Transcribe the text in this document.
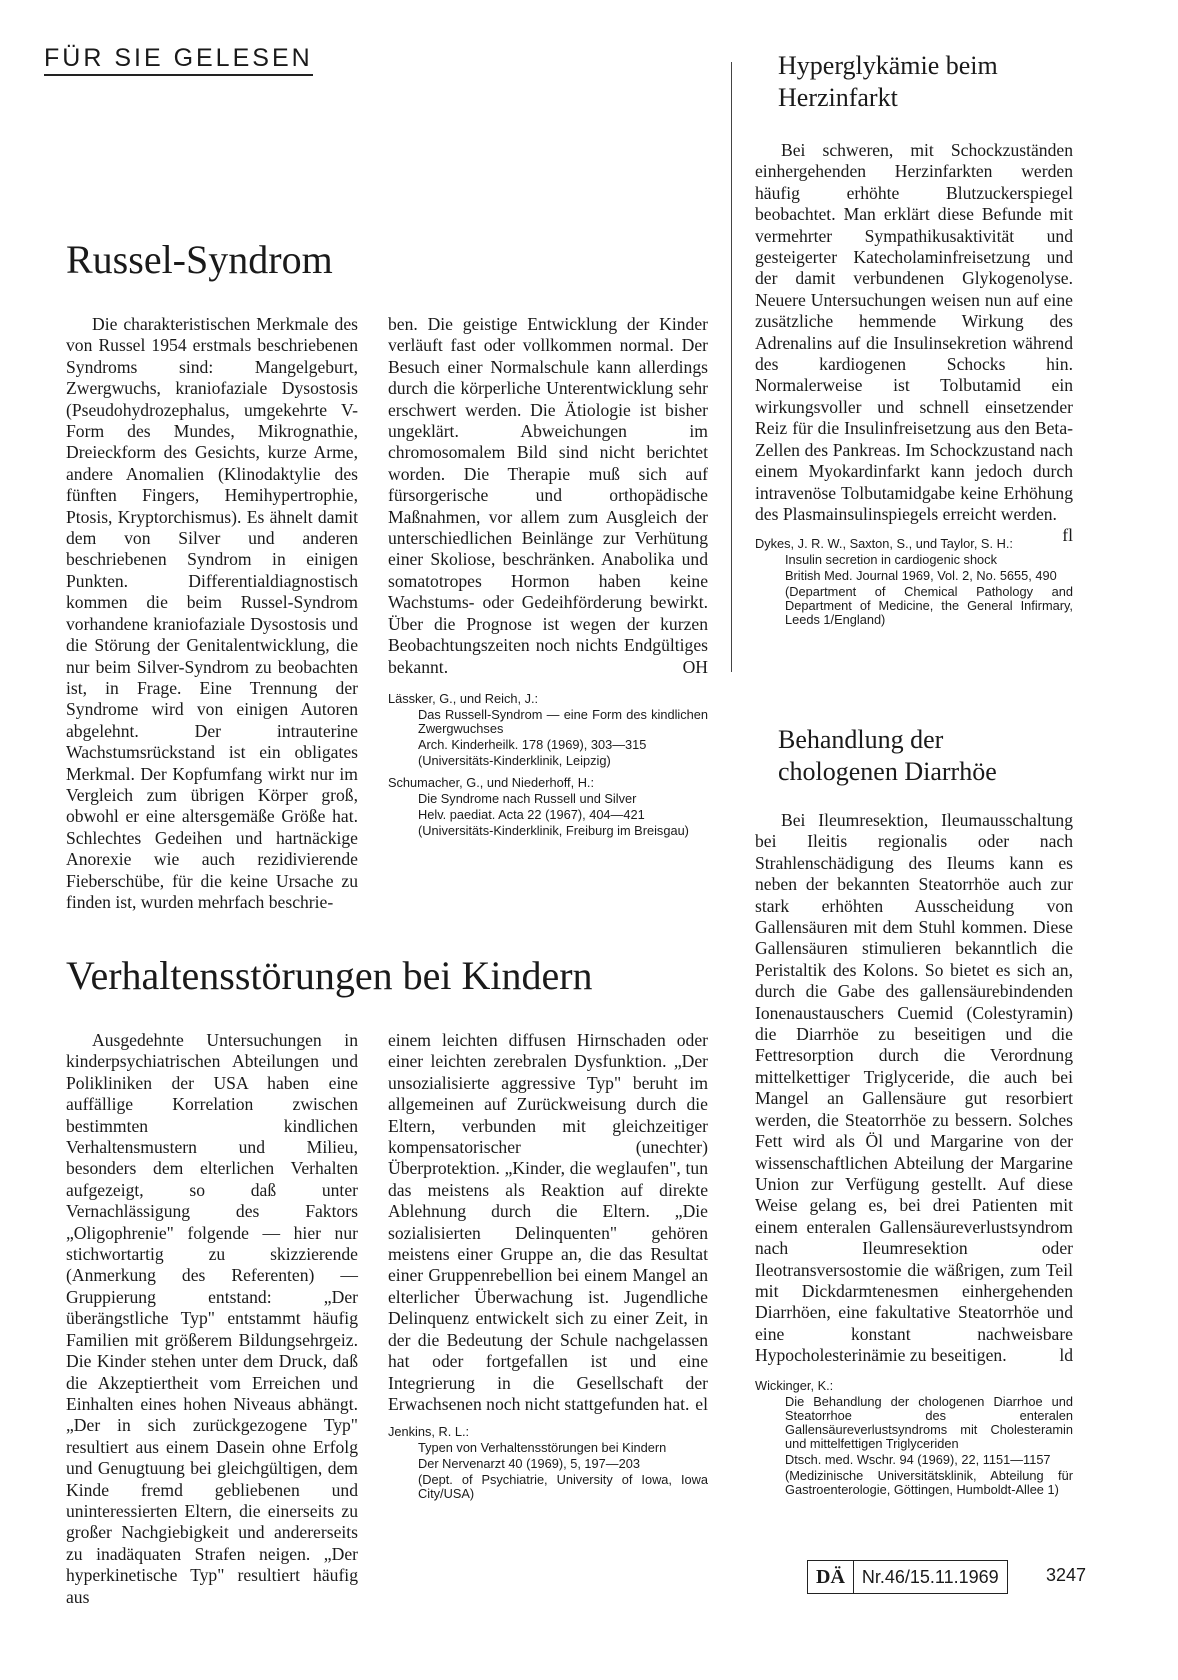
FÜR SIE GELESEN
Russel-Syndrom

Die charakteristischen Merkmale des von Russel 1954 erstmals beschriebenen Syndroms sind: Mangelgeburt, Zwergwuchs, kraniofaziale Dysostosis (Pseudohydrozephalus, umgekehrte V-Form des Mundes, Mikrognathie, Dreieckform des Gesichts, kurze Arme, andere Anomalien (Klinodaktylie des fünften Fingers, Hemihypertrophie, Ptosis, Kryptorchismus). Es ähnelt damit dem von Silver und anderen beschriebenen Syndrom in einigen Punkten. Differentialdiagnostisch kommen die beim Russel-Syndrom vorhandene kraniofaziale Dysostosis und die Störung der Genitalentwicklung, die nur beim Silver-Syndrom zu beobachten ist, in Frage. Eine Trennung der Syndrome wird von einigen Autoren abgelehnt. Der intrauterine Wachstumsrückstand ist ein obligates Merkmal. Der Kopfumfang wirkt nur im Vergleich zum übrigen Körper groß, obwohl er eine altersgemäße Größe hat. Schlechtes Gedeihen und hartnäckige Anorexie wie auch rezidivierende Fieberschübe, für die keine Ursache zu finden ist, wurden mehrfach beschrie-

ben. Die geistige Entwicklung der Kinder verläuft fast oder vollkommen normal. Der Besuch einer Normalschule kann allerdings durch die körperliche Unterentwicklung sehr erschwert werden. Die Ätiologie ist bisher ungeklärt. Abweichungen im chromosomalem Bild sind nicht berichtet worden. Die Therapie muß sich auf fürsorgerische und orthopädische Maßnahmen, vor allem zum Ausgleich der unterschiedlichen Beinlänge zur Verhütung einer Skoliose, beschränken. Anabolika und somatotropes Hormon haben keine Wachstums- oder Gedeihförderung bewirkt. Über die Prognose ist wegen der kurzen Beobachtungszeiten noch nichts Endgültiges bekannt.	OH

Lässker, G., und Reich, J.:
Das Russell-Syndrom — eine Form des kindlichen Zwergwuchses
Arch. Kinderheilk. 178 (1969), 303—315
(Universitäts-Kinderklinik, Leipzig)
Schumacher, G., und Niederhoff, H.:
Die Syndrome nach Russell und Silver
Helv. paediat. Acta 22 (1967), 404—421
(Universitäts-Kinderklinik, Freiburg im Breisgau)
Verhaltensstörungen bei Kindern

Ausgedehnte Untersuchungen in kinderpsychiatrischen Abteilungen und Polikliniken der USA haben eine auffällige Korrelation zwischen bestimmten kindlichen Verhaltensmustern und Milieu, besonders dem elterlichen Verhalten aufgezeigt, so daß unter Vernachlässigung des Faktors „Oligophrenie" folgende — hier nur stichwortartig zu skizzierende (Anmerkung des Referenten) — Gruppierung entstand: „Der überängstliche Typ" entstammt häufig Familien mit größerem Bildungsehrgeiz. Die Kinder stehen unter dem Druck, daß die Akzeptiertheit vom Erreichen und Einhalten eines hohen Niveaus abhängt. „Der in sich zurückgezogene Typ" resultiert aus einem Dasein ohne Erfolg und Genugtuung bei gleichgültigen, dem Kinde fremd gebliebenen und uninteressierten Eltern, die einerseits zu großer Nachgiebigkeit und andererseits zu inadäquaten Strafen neigen. „Der hyperkinetische Typ" resultiert häufig aus

einem leichten diffusen Hirnschaden oder einer leichten zerebralen Dysfunktion. „Der unsozialisierte aggressive Typ" beruht im allgemeinen auf Zurückweisung durch die Eltern, verbunden mit gleichzeitiger kompensatorischer (unechter) Überprotektion. „Kinder, die weglaufen", tun das meistens als Reaktion auf direkte Ablehnung durch die Eltern. „Die sozialisierten Delinquenten" gehören meistens einer Gruppe an, die das Resultat einer Gruppenrebellion bei einem Mangel an elterlicher Überwachung ist. Jugendliche Delinquenz entwickelt sich zu einer Zeit, in der die Bedeutung der Schule nachgelassen hat oder fortgefallen ist und eine Integrierung in die Gesellschaft der Erwachsenen noch nicht stattgefunden hat. el

Jenkins, R. L.:
Typen von Verhaltensstörungen bei Kindern
Der Nervenarzt 40 (1969), 5, 197—203
(Dept. of Psychiatrie, University of Iowa, Iowa City/USA)
Hyperglykämie beim Herzinfarkt

Bei schweren, mit Schockzuständen einhergehenden Herzinfarkten werden häufig erhöhte Blutzuckerspiegel beobachtet. Man erklärt diese Befunde mit vermehrter Sympathikusaktivität und gesteigerter Katecholaminfreisetzung und der damit verbundenen Glykogenolyse. Neuere Untersuchungen weisen nun auf eine zusätzliche hemmende Wirkung des Adrenalins auf die Insulinsekretion während des kardiogenen Schocks hin. Normalerweise ist Tolbutamid ein wirkungsvoller und schnell einsetzender Reiz für die Insulinfreisetzung aus den Beta-Zellen des Pankreas. Im Schockzustand nach einem Myokardinfarkt kann jedoch durch intravenöse Tolbutamidgabe keine Erhöhung des Plasmainsulinspiegels erreicht werden.
fl

Dykes, J. R. W., Saxton, S., und Taylor, S. H.:
Insulin secretion in cardiogenic shock
British Med. Journal 1969, Vol. 2, No. 5655, 490
(Department of Chemical Pathology and Department of Medicine, the General Infirmary, Leeds 1/England)
Behandlung der chologenen Diarrhöe

Bei Ileumresektion, Ileumausschaltung bei Ileitis regionalis oder nach Strahlenschädigung des Ileums kann es neben der bekannten Steatorrhöe auch zur stark erhöhten Ausscheidung von Gallensäuren mit dem Stuhl kommen. Diese Gallensäuren stimulieren bekanntlich die Peristaltik des Kolons. So bietet es sich an, durch die Gabe des gallensäurebindenden Ionenaustauschers Cuemid (Colestyramin) die Diarrhöe zu beseitigen und die Fettresorption durch die Verordnung mittelkettiger Triglyceride, die auch bei Mangel an Gallensäure gut resorbiert werden, die Steatorrhöe zu bessern. Solches Fett wird als Öl und Margarine von der wissenschaftlichen Abteilung der Margarine Union zur Verfügung gestellt. Auf diese Weise gelang es, bei drei Patienten mit einem enteralen Gallensäureverlustsyndrom nach Ileumresektion oder Ileotransversostomie die wäßrigen, zum Teil mit Dickdarmtenesmen einhergehenden Diarrhöen, eine fakultative Steatorrhöe und eine konstant nachweisbare Hypocholesterinämie zu beseitigen.	ld

Wickinger, K.:
Die Behandlung der chologenen Diarrhoe und Steatorrhoe des enteralen Gallensäureverlustsyndroms mit Cholesteramin und mittelfettigen Triglyceriden
Dtsch. med. Wschr. 94 (1969), 22, 1151—1157
(Medizinische Universitätsklinik, Abteilung für Gastroenterologie, Göttingen, Humboldt-Allee 1)
DÄ Nr.46/15.11.1969	3247
